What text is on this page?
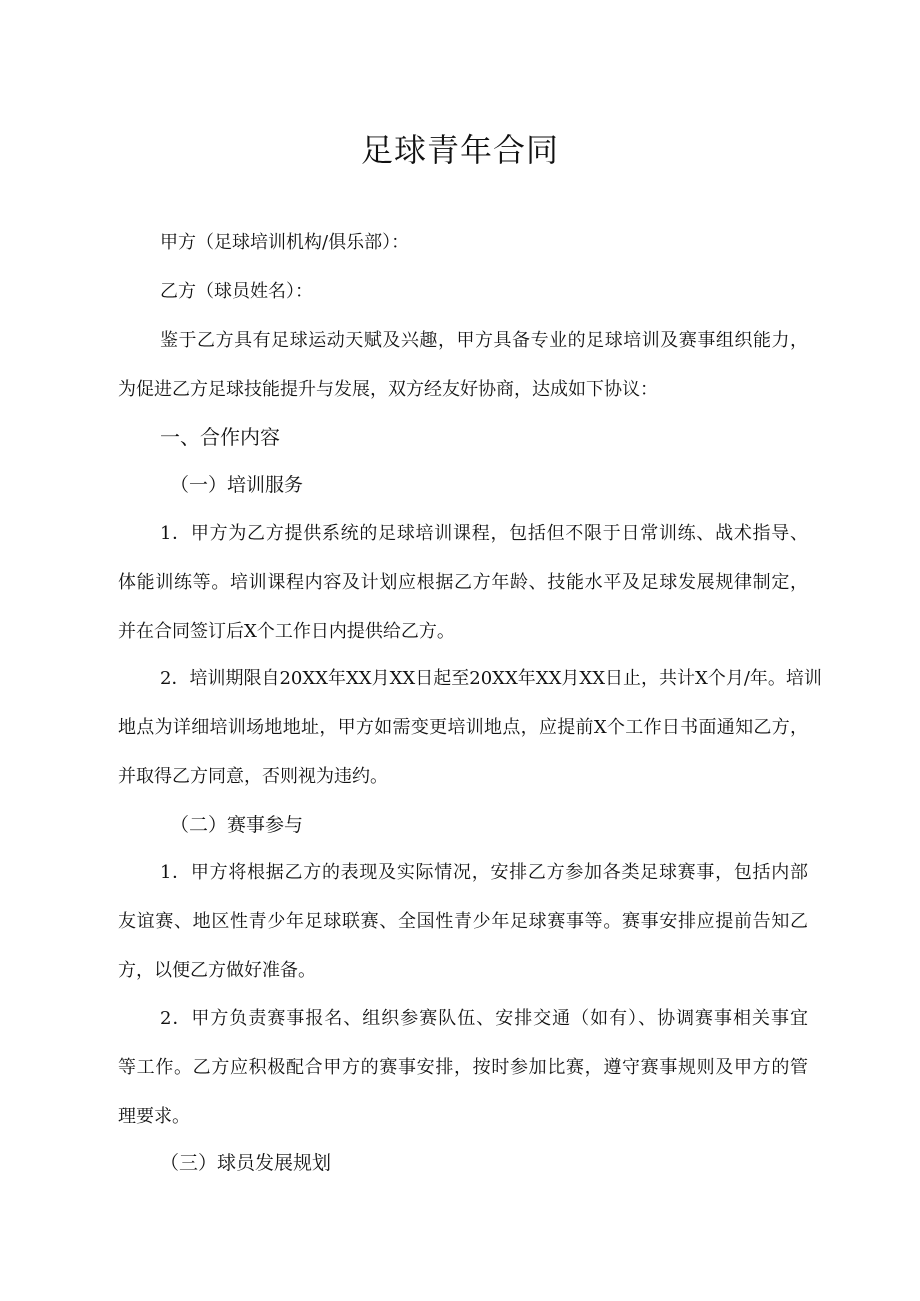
足球青年合同

甲方（足球培训机构/俱乐部）：

乙方（球员姓名）：

鉴于乙方具有足球运动天赋及兴趣，甲方具备专业的足球培训及赛事组织能力，

为促进乙方足球技能提升与发展，双方经友好协商，达成如下协议：

一、合作内容

（一）培训服务

1．甲方为乙方提供系统的足球培训课程，包括但不限于日常训练、战术指导、

体能训练等。培训课程内容及计划应根据乙方年龄、技能水平及足球发展规律制定，

并在合同签订后X个工作日内提供给乙方。

2．培训期限自20XX年XX月XX日起至20XX年XX月XX日止，共计X个月/年。培训

地点为详细培训场地地址，甲方如需变更培训地点，应提前X个工作日书面通知乙方，

并取得乙方同意，否则视为违约。

（二）赛事参与

1．甲方将根据乙方的表现及实际情况，安排乙方参加各类足球赛事，包括内部

友谊赛、地区性青少年足球联赛、全国性青少年足球赛事等。赛事安排应提前告知乙

方，以便乙方做好准备。

2．甲方负责赛事报名、组织参赛队伍、安排交通（如有）、协调赛事相关事宜

等工作。乙方应积极配合甲方的赛事安排，按时参加比赛，遵守赛事规则及甲方的管

理要求。

（三）球员发展规划
